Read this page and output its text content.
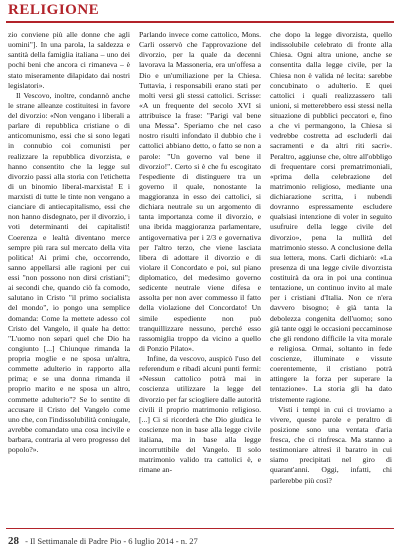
RELIGIONE

zio conviene più alle donne che agli uomini"]. In una parola, la saldezza e santità della famiglia italiana – uno dei pochi beni che ancora ci rimaneva – è stato miseramente dilapidato dai nostri legislatori».

Il Vescovo, inoltre, condannò anche le strane alleanze costituitesi in favore del divorzio: «Non vengano i liberali a parlare di repubblica cristiane o di anticomunismo, essi che si sono legati in connubio coi comunisti per realizzare la repubblica divorzista, e hanno consentito che la legge sul divorzio passi alla storia con l'etichetta di un binomio liberal-marxista! E i marxisti di tutte le tinte non vengano a cianciare di antiecapitalismo, essi che non hanno disdegnato, per il divorzio, i voti determinanti dei capitalisti! Coerenza e lealtà diventano merce sempre più rara sul mercato della vita politica! Ai primi che, occorrendo, sanno appellarsi alle ragioni per cui essi "non possono non dirsi cristiani"; ai secondi che, quando ciò fa comodo, salutano in Cristo "il primo socialista del mondo", io pongo una semplice domanda: Come la mettete adesso col Cristo del Vangelo, il quale ha detto: "L'uomo non separi quel che Dio ha congiunto [...] Chiunque rimanda la propria moglie e ne sposa un'altra, commette adulterio in rapporto alla prima; e se una donna rimanda il proprio marito e ne sposa un altro, commette adulterio"? Se lo sentite di accusare il Cristo del Vangelo come uno che, con l'indissolubilità coniugale, avrebbe comandato una cosa incivile e barbara, contraria al vero progresso del popolo?».

Parlando invece come cattolico, Mons. Carli osservò che l'approvazione del divorzio, per la quale da decenni lavorava la Massoneria, era un'offesa a Dio e un'umiliazione per la Chiesa. Tuttavia, i responsabili erano stati per molti versi gli stessi cattolici. Scrisse: «A un frequente del secolo XVI si attribuisce la frase: "Parigi val bene una Messa". Speriamo che nel caso nostro risulti infondato il dubbio che i cattolici abbiano detto, o fatto se non a parole: "Un governo val bene il divorzio!". Certo si è che fu escogitato l'espediente di distinguere tra un governo il quale, nonostante la maggioranza in esso dei cattolici, si dichiara neutrale su un argomento di tanta importanza come il divorzio, e una ibrida maggioranza parlamentare, antigovernativa per i 2/3 e governativa per l'altro terzo, che viene lasciata libera di adottare il divorzio e di violare il Concordato e poi, sul piano diplomatico, del medesimo governo sedicente neutrale viene difesa e assolta per non aver commesso il fatto della violazione del Concordato! Un simile espediente non può tranquillizzare nessuno, perché esso rassomiglia troppo da vicino a quello di Ponzio Pilato».

Infine, da vescovo, auspicò l'uso del referendum e ribadì alcuni punti fermi: «Nessun cattolico potrà mai in coscienza utilizzare la legge del divorzio per far sciogliere dalle autorità civili il proprio matrimonio religioso. [...] Ci si ricorderà che Dio giudica le coscienze non in base alla legge civile italiana, ma in base alla legge incorruttibile del Vangelo. Il solo matrimonio valido tra cattolici è, e rimane an-

che dopo la legge divorzista, quello indissolubile celebrato di fronte alla Chiesa. Ogni altra unione, anche se consentita dalla legge civile, per la Chiesa non è valida né lecita: sarebbe concubinato o adulterio. E quei cattolici i quali realizzassero tali unioni, si metterebbero essi stessi nella situazione di pubblici peccatori e, fino a che vi permangono, la Chiesa si vedrebbe costretta ad escluderli dai sacramenti e da altri riti sacri». Peraltro, aggiunse che, oltre all'obbligo di frequentare corsi prematrimoniali, «prima della celebrazione del matrimonio religioso, mediante una dichiarazione scritta, i nubendi dovranno espressamente escludere qualsiasi intenzione di voler in seguito usufruire della legge civile del divorzio», pena la nullità del matrimonio stesso. A conclusione della sua lettera, mons. Carli dichiarò: «La presenza di una legge civile divorzista costituirà da ora in poi una continua tentazione, un continuo invito al male per i cristiani d'Italia. Non ce n'era davvero bisogno; è già tanta la debolezza congenita dell'uomo; sono già tante oggi le occasioni peccaminose che gli rendono difficile la vita morale e religiosa. Ormai, soltanto in fede coscienze, illuminate e vissute coerentemente, il cristiano potrà attingere la forza per superare la tentazione». La storia gli ha dato tristemente ragione.

Visti i tempi in cui ci troviamo a vivere, queste parole e peraltro di posizione sono una ventata d'aria fresca, che ci rinfresca. Ma stanno a testimoniare altresì il baratro in cui siamo precipitati nel giro di quarant'anni. Oggi, infatti, chi parlerebbe più così?

28 - Il Settimanale di Padre Pio - 6 luglio 2014 - n. 27
